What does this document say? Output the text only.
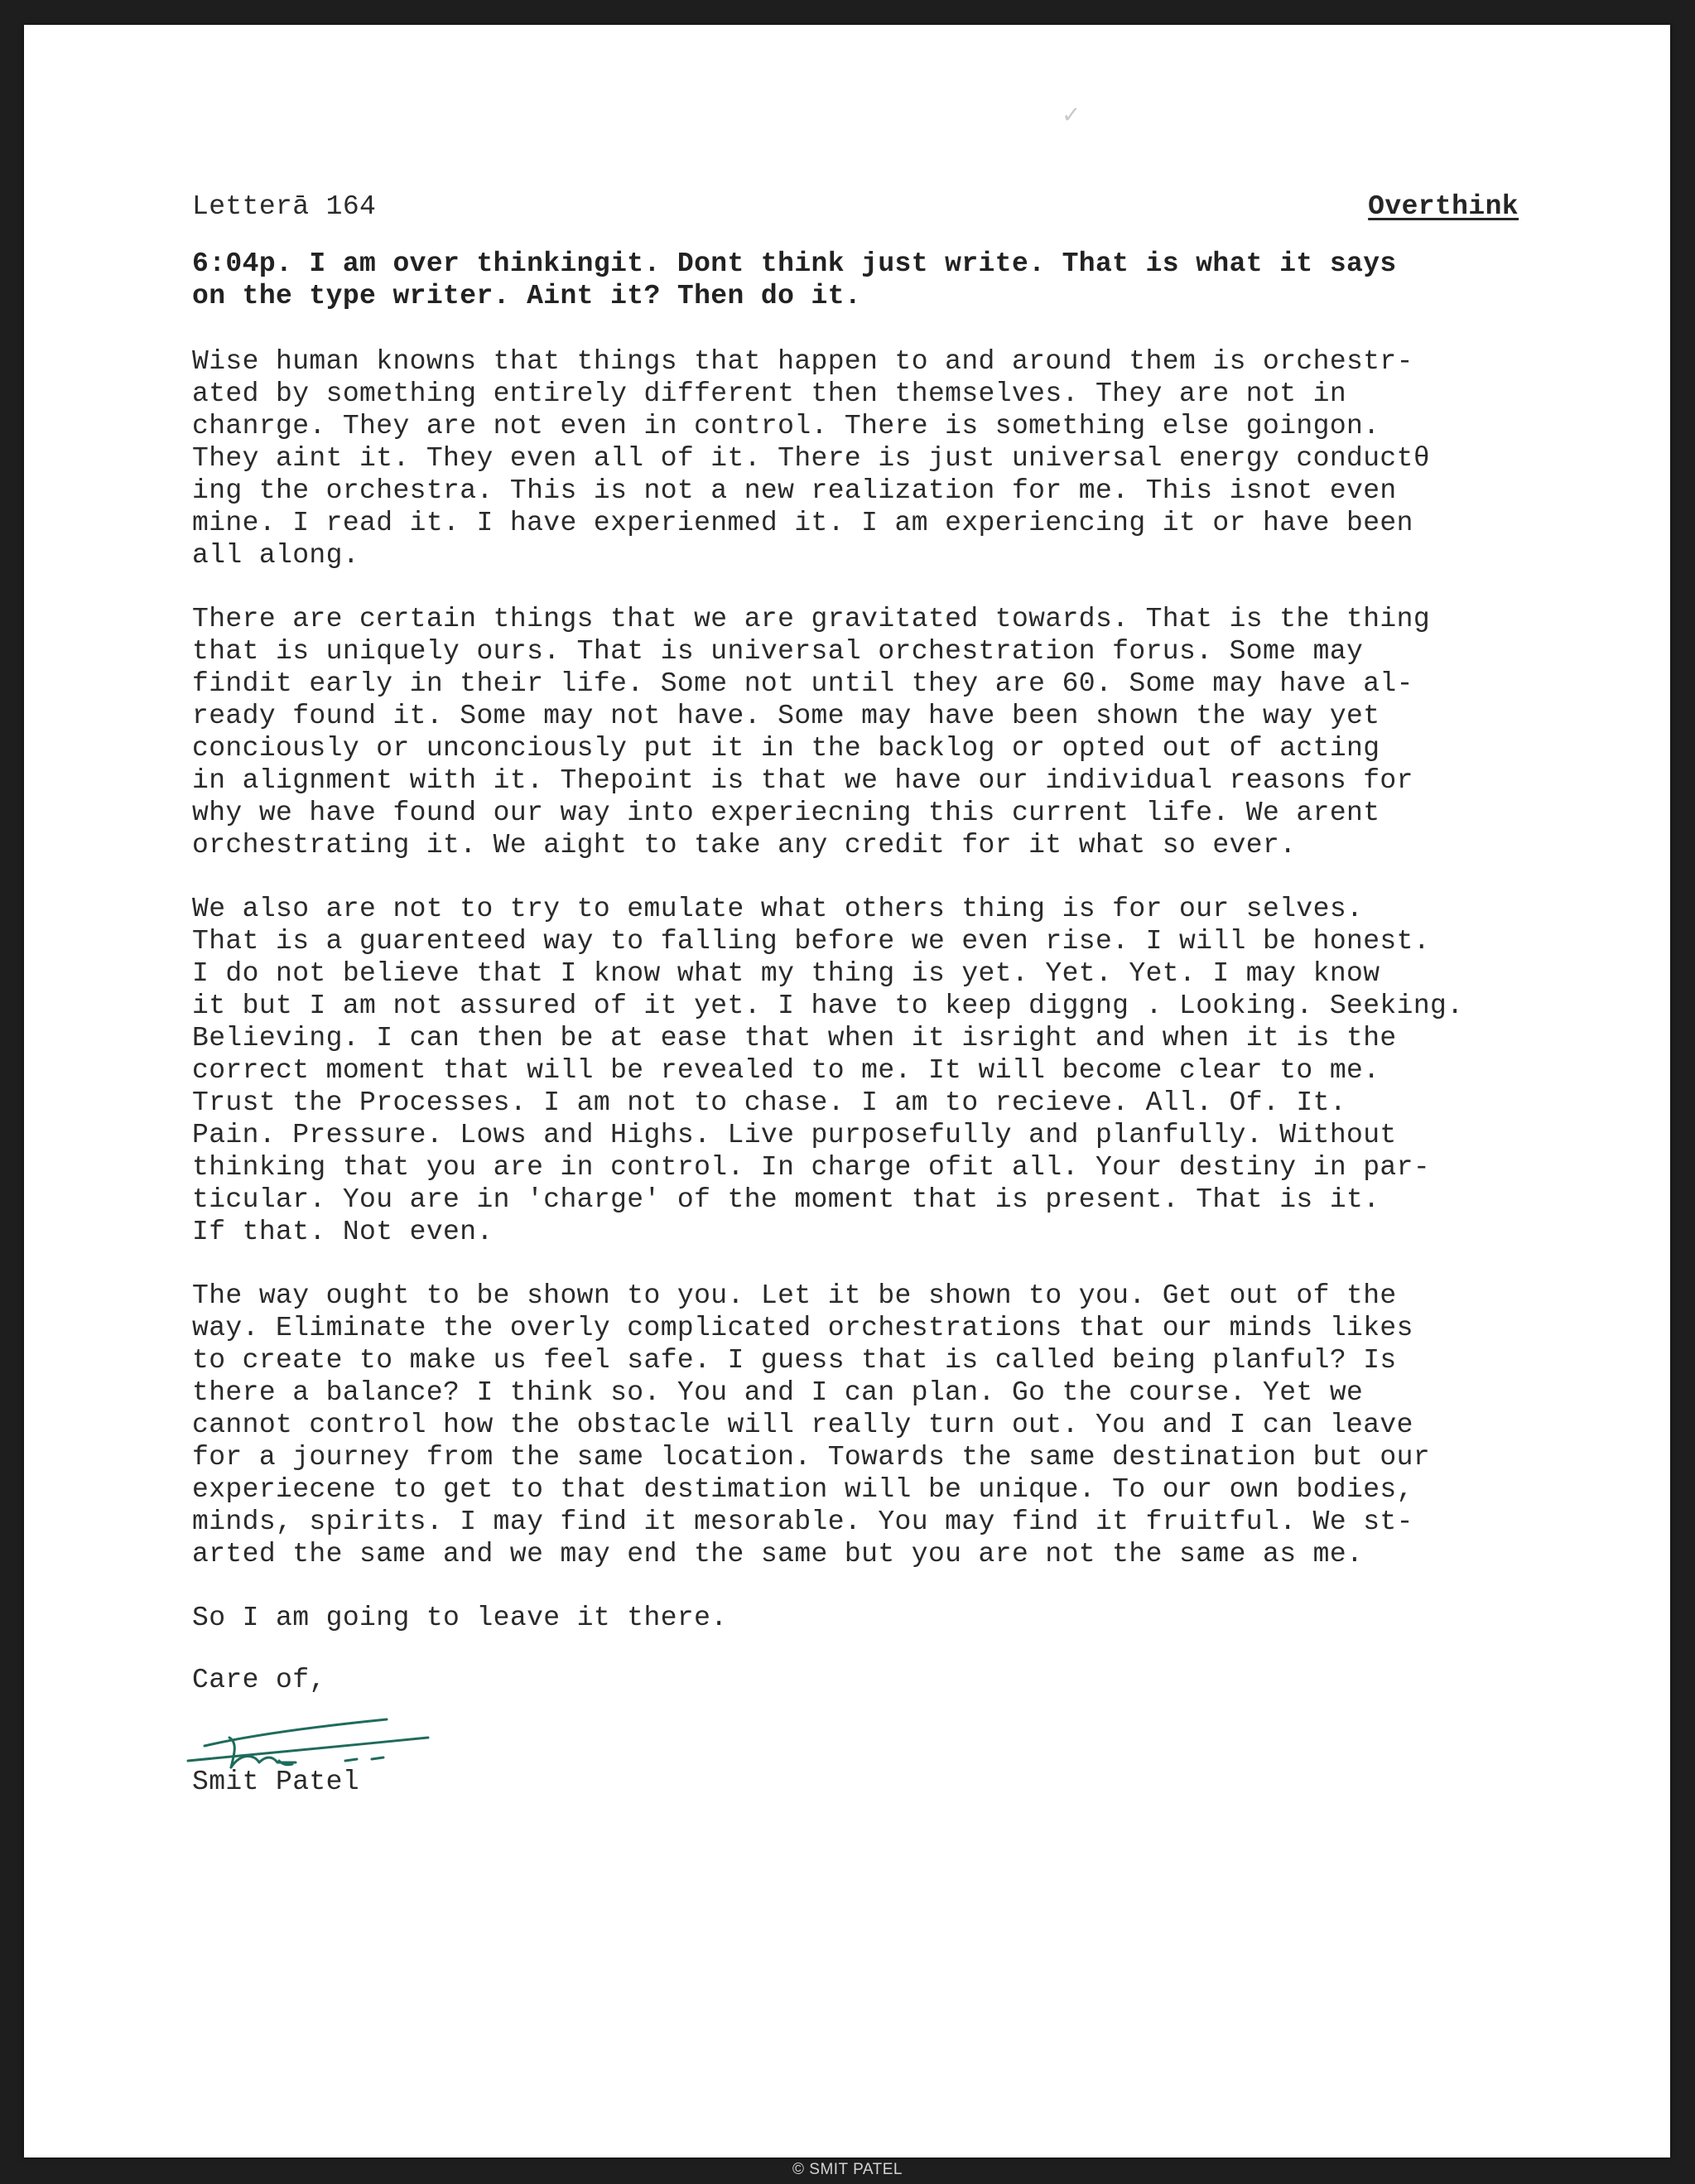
✓
Letterā 164	Overthink

6:04p. I am over thinkingit. Dont think just write. That is what it says
on the type writer. Aint it? Then do it.

Wise human knowns that things that happen to and around them is orchestr-
ated by something entirely different then themselves. They are not in
chanrge. They are not even in control. There is something else goingon.
They aint it. They even all of it. There is just universal energy conductθ
ing the orchestra. This is not a new realization for me. This isnot even
mine. I read it. I have experienmed it. I am experiencing it or have been
all along.

There are certain things that we are gravitated towards. That is the thing
that is uniquely ours. That is universal orchestration forus. Some may
findit early in their life. Some not until they are 60. Some may have al-
ready found it. Some may not have. Some may have been shown the way yet
conciously or unconciously put it in the backlog or opted out of acting
in alignment with it. Thepoint is that we have our individual reasons for
why we have found our way into experiecning this current life. We arent
orchestrating it. We aight to take any credit for it what so ever.

We also are not to try to emulate what others thing is for our selves.
That is a guarenteed way to falling before we even rise. I will be honest.
I do not believe that I know what my thing is yet. Yet. Yet. I may know
it but I am not assured of it yet. I have to keep diggng . Looking. Seeking.
Believing. I can then be at ease that when it isright and when it is the
correct moment that will be revealed to me. It will become clear to me.
Trust the Processes. I am not to chase. I am to recieve. All. Of. It.
Pain. Pressure. Lows and Highs. Live purposefully and planfully. Without
thinking that you are in control. In charge ofit all. Your destiny in par-
ticular. You are in 'charge' of the moment that is present. That is it.
If that. Not even.

The way ought to be shown to you. Let it be shown to you. Get out of the
way. Eliminate the overly complicated orchestrations that our minds likes
to create to make us feel safe. I guess that is called being planful? Is
there a balance? I think so. You and I can plan. Go the course. Yet we
cannot control how the obstacle will really turn out. You and I can leave
for a journey from the same location. Towards the same destination but our
experiecene to get to that destimation will be unique. To our own bodies,
minds, spirits. I may find it mesorable. You may find it fruitful. We st-
arted the same and we may end the same but you are not the same as me.

So I am going to leave it there.

Care of,

Smit Patel
© SMIT PATEL
